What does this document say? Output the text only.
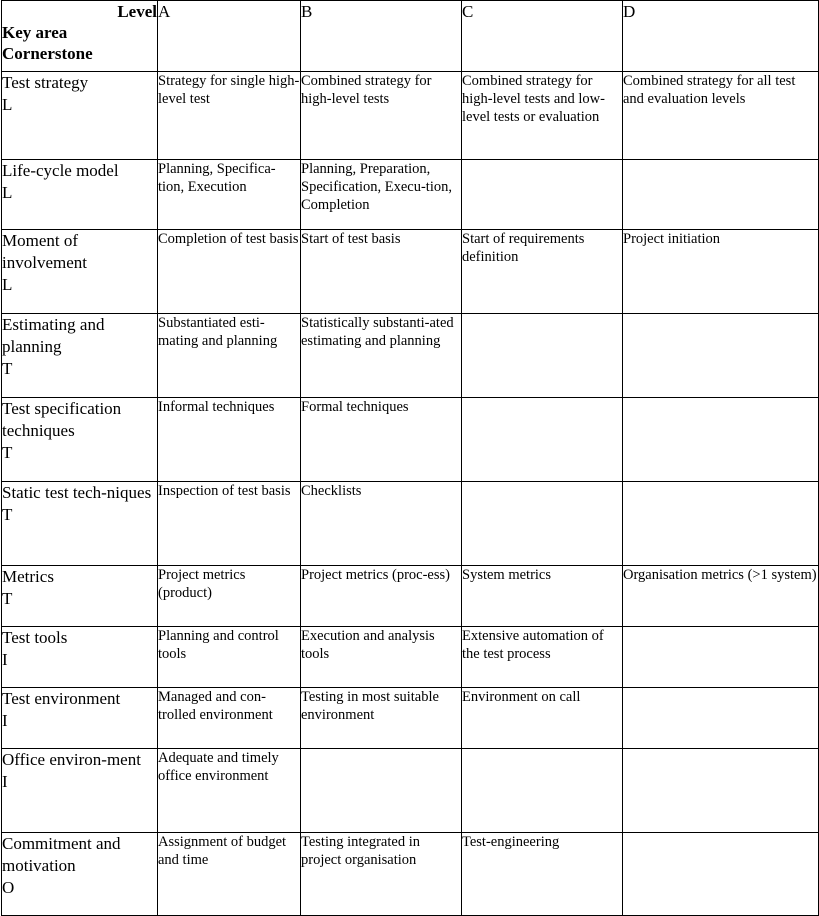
Level
Key area
Cornerstone	A	B	C	D

Test strategy
L	Strategy for single high-level test	Combined strategy for high-level tests	Combined strategy for high-level tests and low-level tests or evaluation	Combined strategy for all test and evaluation levels

Life-cycle model
L	Planning, Specifica-tion, Execution	Planning, Preparation, Specification, Execu-tion, Completion		

Moment of involvement
L	Completion of test basis	Start of test basis	Start of requirements definition	Project initiation

Estimating and planning
T	Substantiated esti-mating and planning	Statistically substanti-ated estimating and planning		

Test specification techniques
T	Informal techniques	Formal techniques		

Static test tech-niques
T	Inspection of test basis	Checklists		

Metrics
T	Project metrics (product)	Project metrics (proc-ess)	System metrics	Organisation metrics (>1 system)

Test tools
I	Planning and control tools	Execution and analysis tools	Extensive automation of the test process	

Test environment
I	Managed and con-trolled environment	Testing in most suitable environment	Environment on call	

Office environ-ment
I	Adequate and timely office environment			

Commitment and motivation
O	Assignment of budget and time	Testing integrated in project organisation	Test-engineering	
